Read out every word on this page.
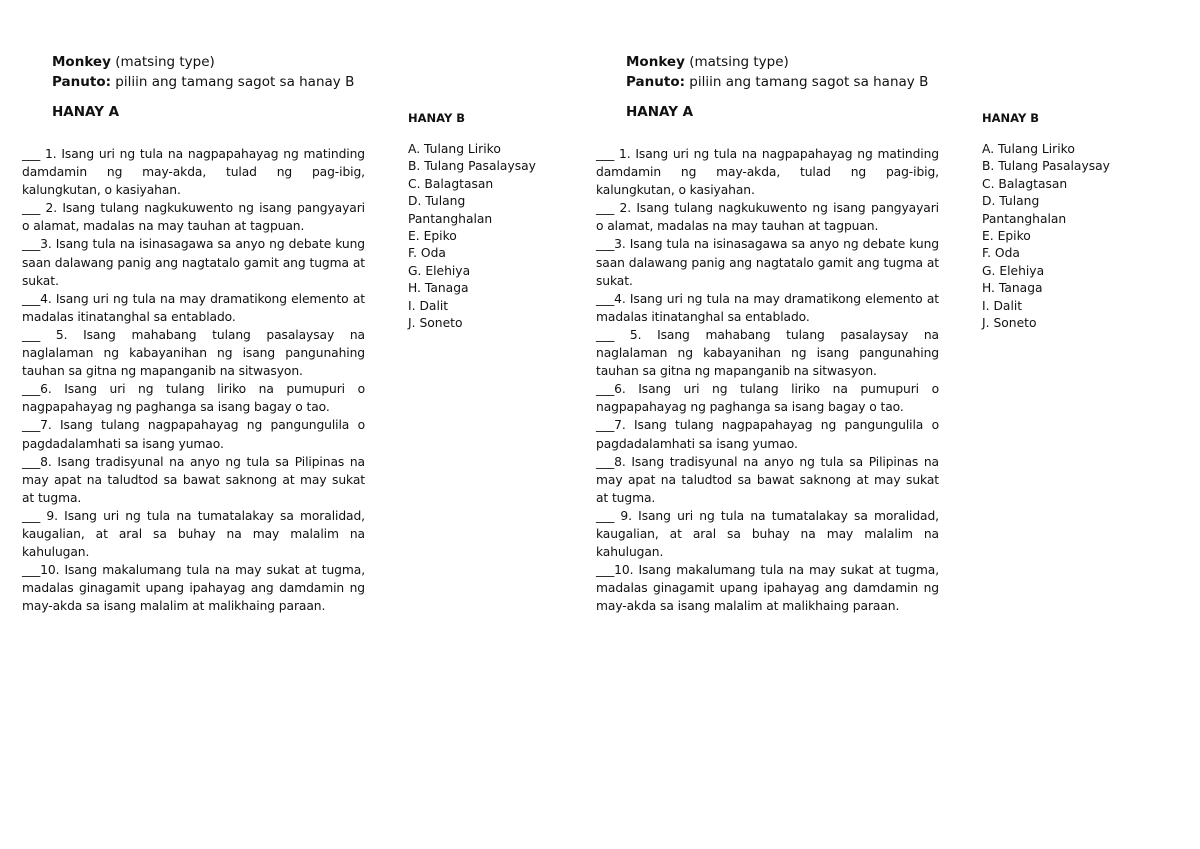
Monkey (matsing type)
Panuto: piliin ang tamang sagot sa hanay B
HANAY A

___ 1. Isang uri ng tula na nagpapahayag ng matinding damdamin ng may-akda, tulad ng pag-ibig, kalungkutan, o kasiyahan.

___ 2. Isang tulang nagkukuwento ng isang pangyayari o alamat, madalas na may tauhan at tagpuan.

___3. Isang tula na isinasagawa sa anyo ng debate kung saan dalawang panig ang nagtatalo gamit ang tugma at sukat.

___4. Isang uri ng tula na may dramatikong elemento at madalas itinatanghal sa entablado.

___ 5. Isang mahabang tulang pasalaysay na naglalaman ng kabayanihan ng isang pangunahing tauhan sa gitna ng mapanganib na sitwasyon.

___6. Isang uri ng tulang liriko na pumupuri o nagpapahayag ng paghanga sa isang bagay o tao.

___7. Isang tulang nagpapahayag ng pangungulila o pagdadalamhati sa isang yumao.

___8. Isang tradisyunal na anyo ng tula sa Pilipinas na may apat na taludtod sa bawat saknong at may sukat at tugma.

___ 9. Isang uri ng tula na tumatalakay sa moralidad, kaugalian, at aral sa buhay na may malalim na kahulugan.

___10. Isang makalumang tula na may sukat at tugma, madalas ginagamit upang ipahayag ang damdamin ng may-akda sa isang malalim at malikhaing paraan.

HANAY B

A. Tulang Liriko

B. Tulang Pasalaysay

C. Balagtasan

D. Tulang Pantanghalan

E. Epiko

F. Oda

G. Elehiya

H. Tanaga

I. Dalit

J. Soneto

Monkey (matsing type)
Panuto: piliin ang tamang sagot sa hanay B
HANAY A

___ 1. Isang uri ng tula na nagpapahayag ng matinding damdamin ng may-akda, tulad ng pag-ibig, kalungkutan, o kasiyahan.

___ 2. Isang tulang nagkukuwento ng isang pangyayari o alamat, madalas na may tauhan at tagpuan.

___3. Isang tula na isinasagawa sa anyo ng debate kung saan dalawang panig ang nagtatalo gamit ang tugma at sukat.

___4. Isang uri ng tula na may dramatikong elemento at madalas itinatanghal sa entablado.

___ 5. Isang mahabang tulang pasalaysay na naglalaman ng kabayanihan ng isang pangunahing tauhan sa gitna ng mapanganib na sitwasyon.

___6. Isang uri ng tulang liriko na pumupuri o nagpapahayag ng paghanga sa isang bagay o tao.

___7. Isang tulang nagpapahayag ng pangungulila o pagdadalamhati sa isang yumao.

___8. Isang tradisyunal na anyo ng tula sa Pilipinas na may apat na taludtod sa bawat saknong at may sukat at tugma.

___ 9. Isang uri ng tula na tumatalakay sa moralidad, kaugalian, at aral sa buhay na may malalim na kahulugan.

___10. Isang makalumang tula na may sukat at tugma, madalas ginagamit upang ipahayag ang damdamin ng may-akda sa isang malalim at malikhaing paraan.

HANAY B

A. Tulang Liriko

B. Tulang Pasalaysay

C. Balagtasan

D. Tulang Pantanghalan

E. Epiko

F. Oda

G. Elehiya

H. Tanaga

I. Dalit

J. Soneto
